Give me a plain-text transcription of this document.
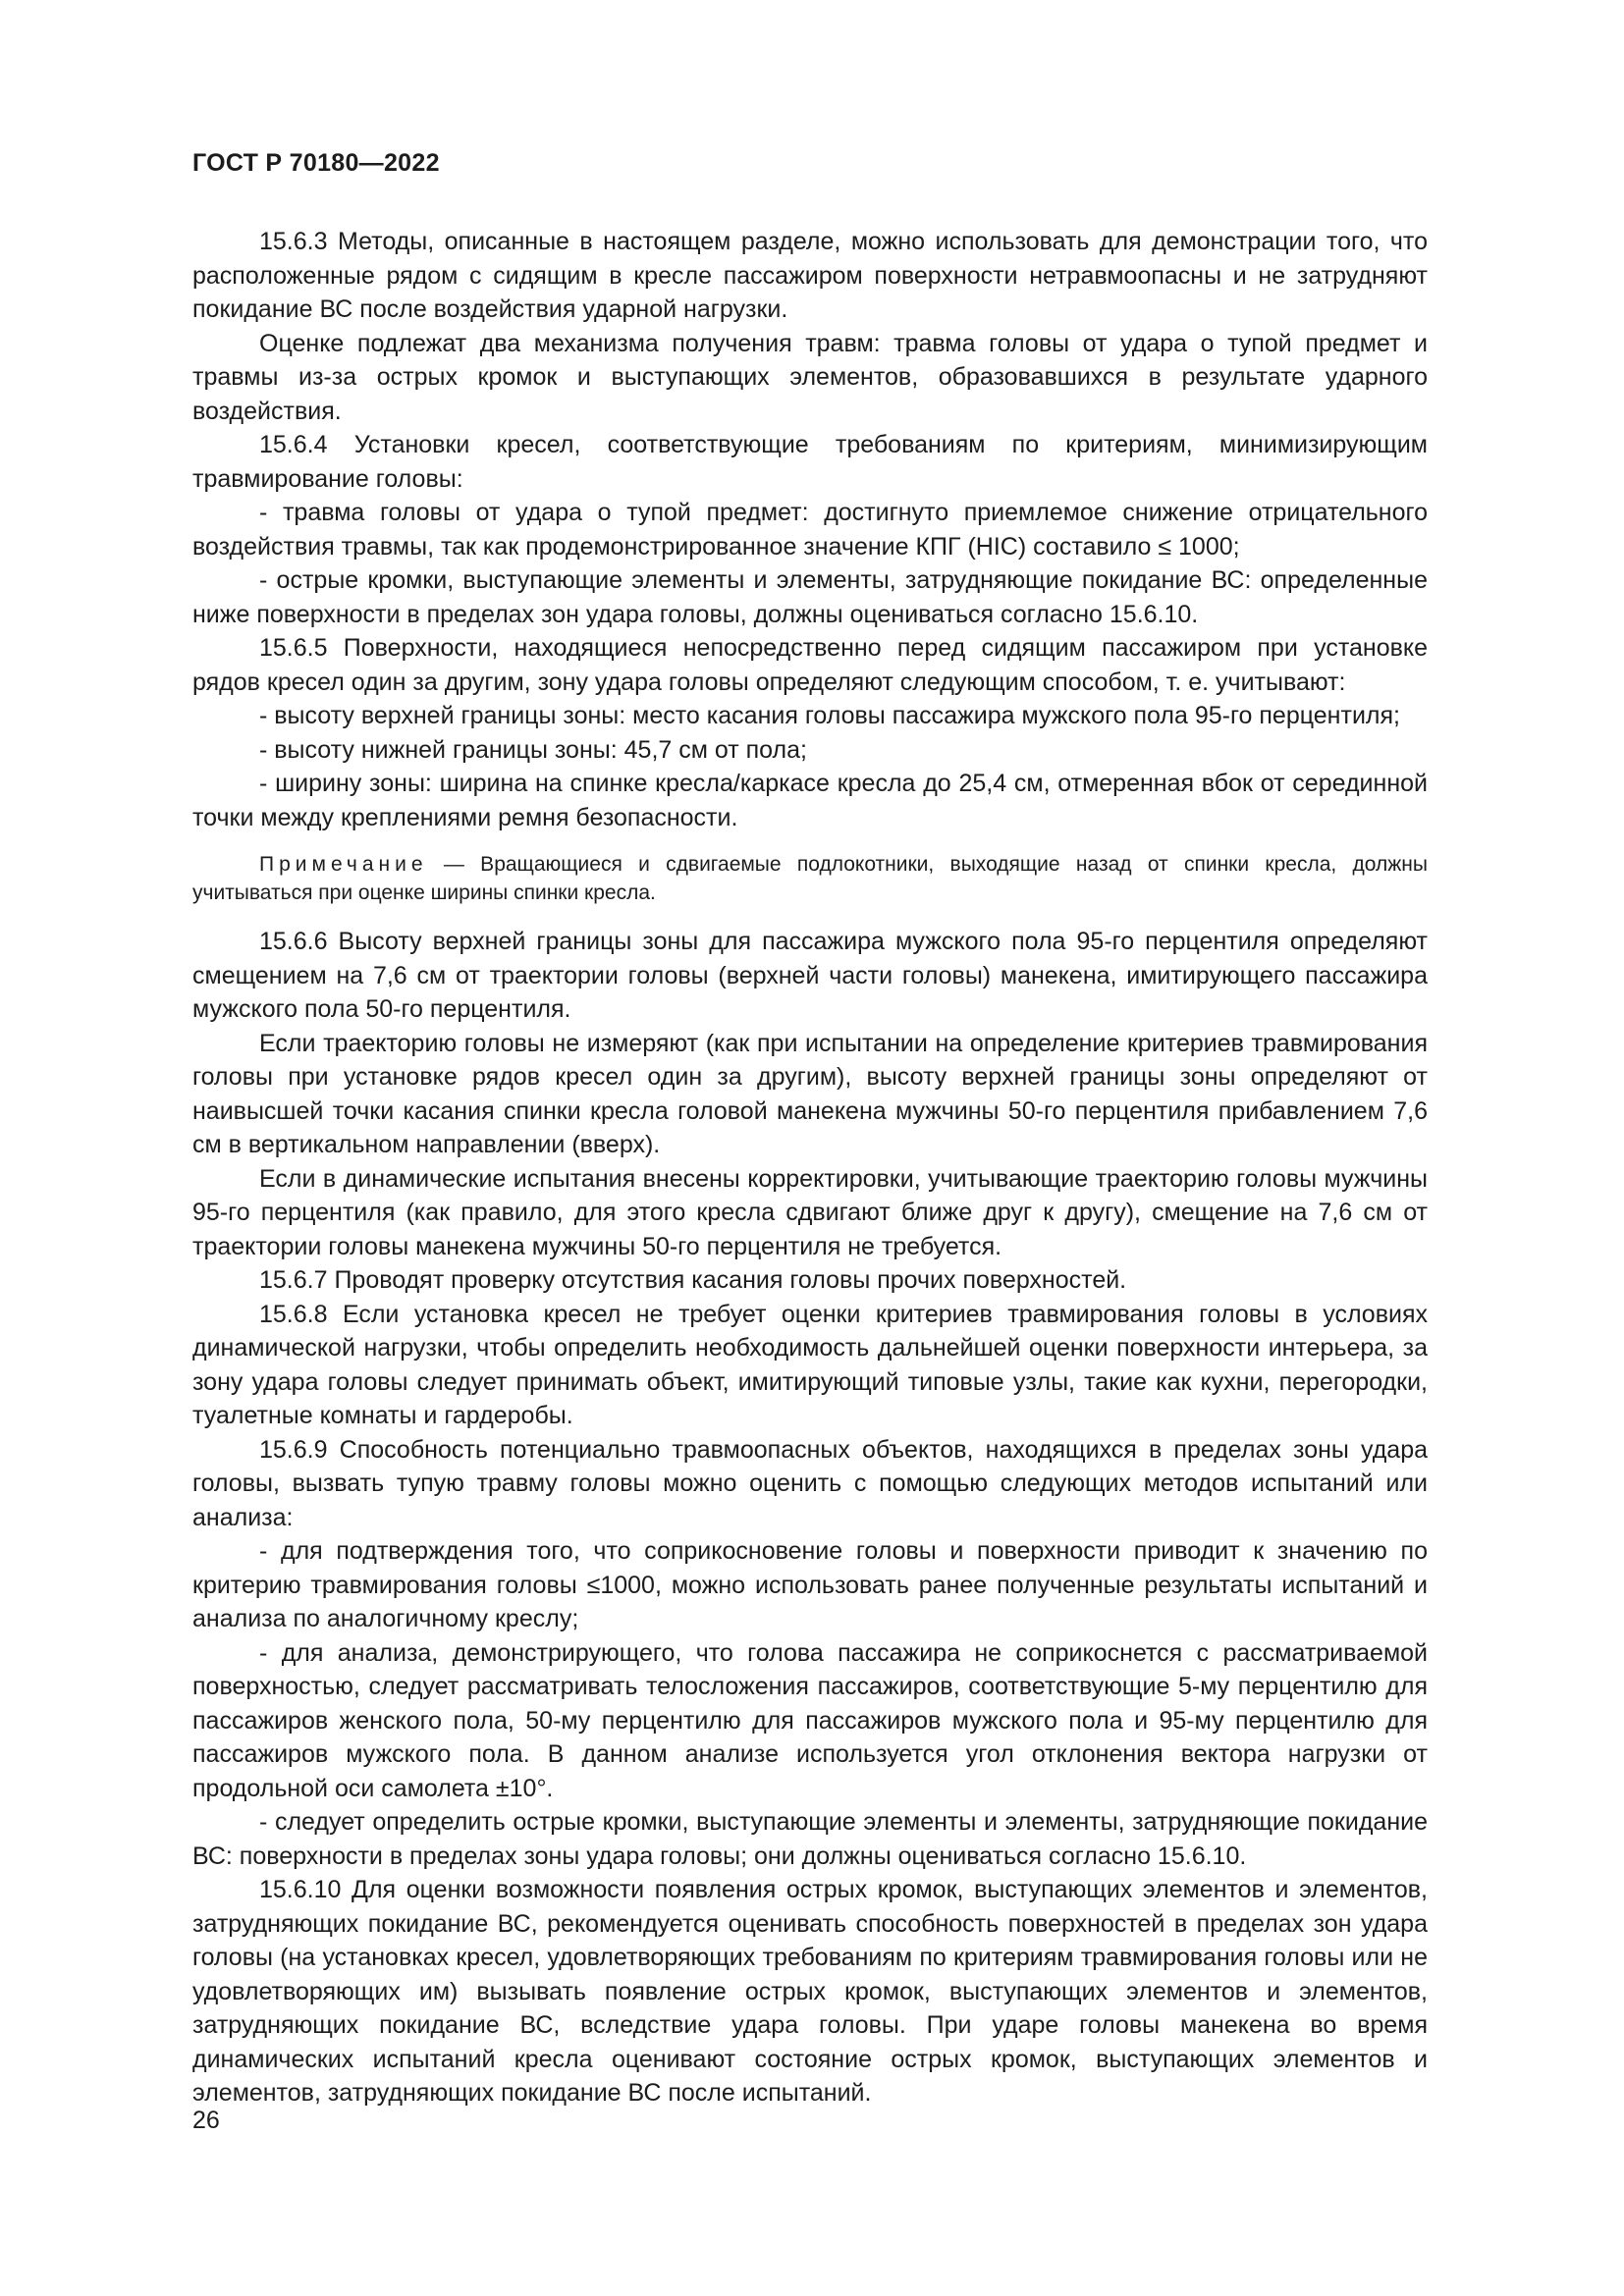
ГОСТ Р 70180—2022

15.6.3 Методы, описанные в настоящем разделе, можно использовать для демонстрации того, что расположенные рядом с сидящим в кресле пассажиром поверхности нетравмоопасны и не затрудняют покидание ВС после воздействия ударной нагрузки.

Оценке подлежат два механизма получения травм: травма головы от удара о тупой предмет и травмы из-за острых кромок и выступающих элементов, образовавшихся в результате ударного воздействия.

15.6.4 Установки кресел, соответствующие требованиям по критериям, минимизирующим травмирование головы:

- травма головы от удара о тупой предмет: достигнуто приемлемое снижение отрицательного воздействия травмы, так как продемонстрированное значение КПГ (HIC) составило ≤ 1000;

- острые кромки, выступающие элементы и элементы, затрудняющие покидание ВС: определенные ниже поверхности в пределах зон удара головы, должны оцениваться согласно 15.6.10.

15.6.5 Поверхности, находящиеся непосредственно перед сидящим пассажиром при установке рядов кресел один за другим, зону удара головы определяют следующим способом, т. е. учитывают:

- высоту верхней границы зоны: место касания головы пассажира мужского пола 95-го перцентиля;

- высоту нижней границы зоны: 45,7 см от пола;

- ширину зоны: ширина на спинке кресла/каркасе кресла до 25,4 см, отмеренная вбок от серединной точки между креплениями ремня безопасности.

Примечание — Вращающиеся и сдвигаемые подлокотники, выходящие назад от спинки кресла, должны учитываться при оценке ширины спинки кресла.

15.6.6 Высоту верхней границы зоны для пассажира мужского пола 95-го перцентиля определяют смещением на 7,6 см от траектории головы (верхней части головы) манекена, имитирующего пассажира мужского пола 50-го перцентиля.

Если траекторию головы не измеряют (как при испытании на определение критериев травмирования головы при установке рядов кресел один за другим), высоту верхней границы зоны определяют от наивысшей точки касания спинки кресла головой манекена мужчины 50-го перцентиля прибавлением 7,6 см в вертикальном направлении (вверх).

Если в динамические испытания внесены корректировки, учитывающие траекторию головы мужчины 95-го перцентиля (как правило, для этого кресла сдвигают ближе друг к другу), смещение на 7,6 см от траектории головы манекена мужчины 50-го перцентиля не требуется.

15.6.7 Проводят проверку отсутствия касания головы прочих поверхностей.

15.6.8 Если установка кресел не требует оценки критериев травмирования головы в условиях динамической нагрузки, чтобы определить необходимость дальнейшей оценки поверхности интерьера, за зону удара головы следует принимать объект, имитирующий типовые узлы, такие как кухни, перегородки, туалетные комнаты и гардеробы.

15.6.9 Способность потенциально травмоопасных объектов, находящихся в пределах зоны удара головы, вызвать тупую травму головы можно оценить с помощью следующих методов испытаний или анализа:

- для подтверждения того, что соприкосновение головы и поверхности приводит к значению по критерию травмирования головы ≤1000, можно использовать ранее полученные результаты испытаний и анализа по аналогичному креслу;

- для анализа, демонстрирующего, что голова пассажира не соприкоснется с рассматриваемой поверхностью, следует рассматривать телосложения пассажиров, соответствующие 5-му перцентилю для пассажиров женского пола, 50-му перцентилю для пассажиров мужского пола и 95-му перцентилю для пассажиров мужского пола. В данном анализе используется угол отклонения вектора нагрузки от продольной оси самолета ±10°.

- следует определить острые кромки, выступающие элементы и элементы, затрудняющие покидание ВС: поверхности в пределах зоны удара головы; они должны оцениваться согласно 15.6.10.

15.6.10 Для оценки возможности появления острых кромок, выступающих элементов и элементов, затрудняющих покидание ВС, рекомендуется оценивать способность поверхностей в пределах зон удара головы (на установках кресел, удовлетворяющих требованиям по критериям травмирования головы или не удовлетворяющих им) вызывать появление острых кромок, выступающих элементов и элементов, затрудняющих покидание ВС, вследствие удара головы. При ударе головы манекена во время динамических испытаний кресла оценивают состояние острых кромок, выступающих элементов и элементов, затрудняющих покидание ВС после испытаний.

26
